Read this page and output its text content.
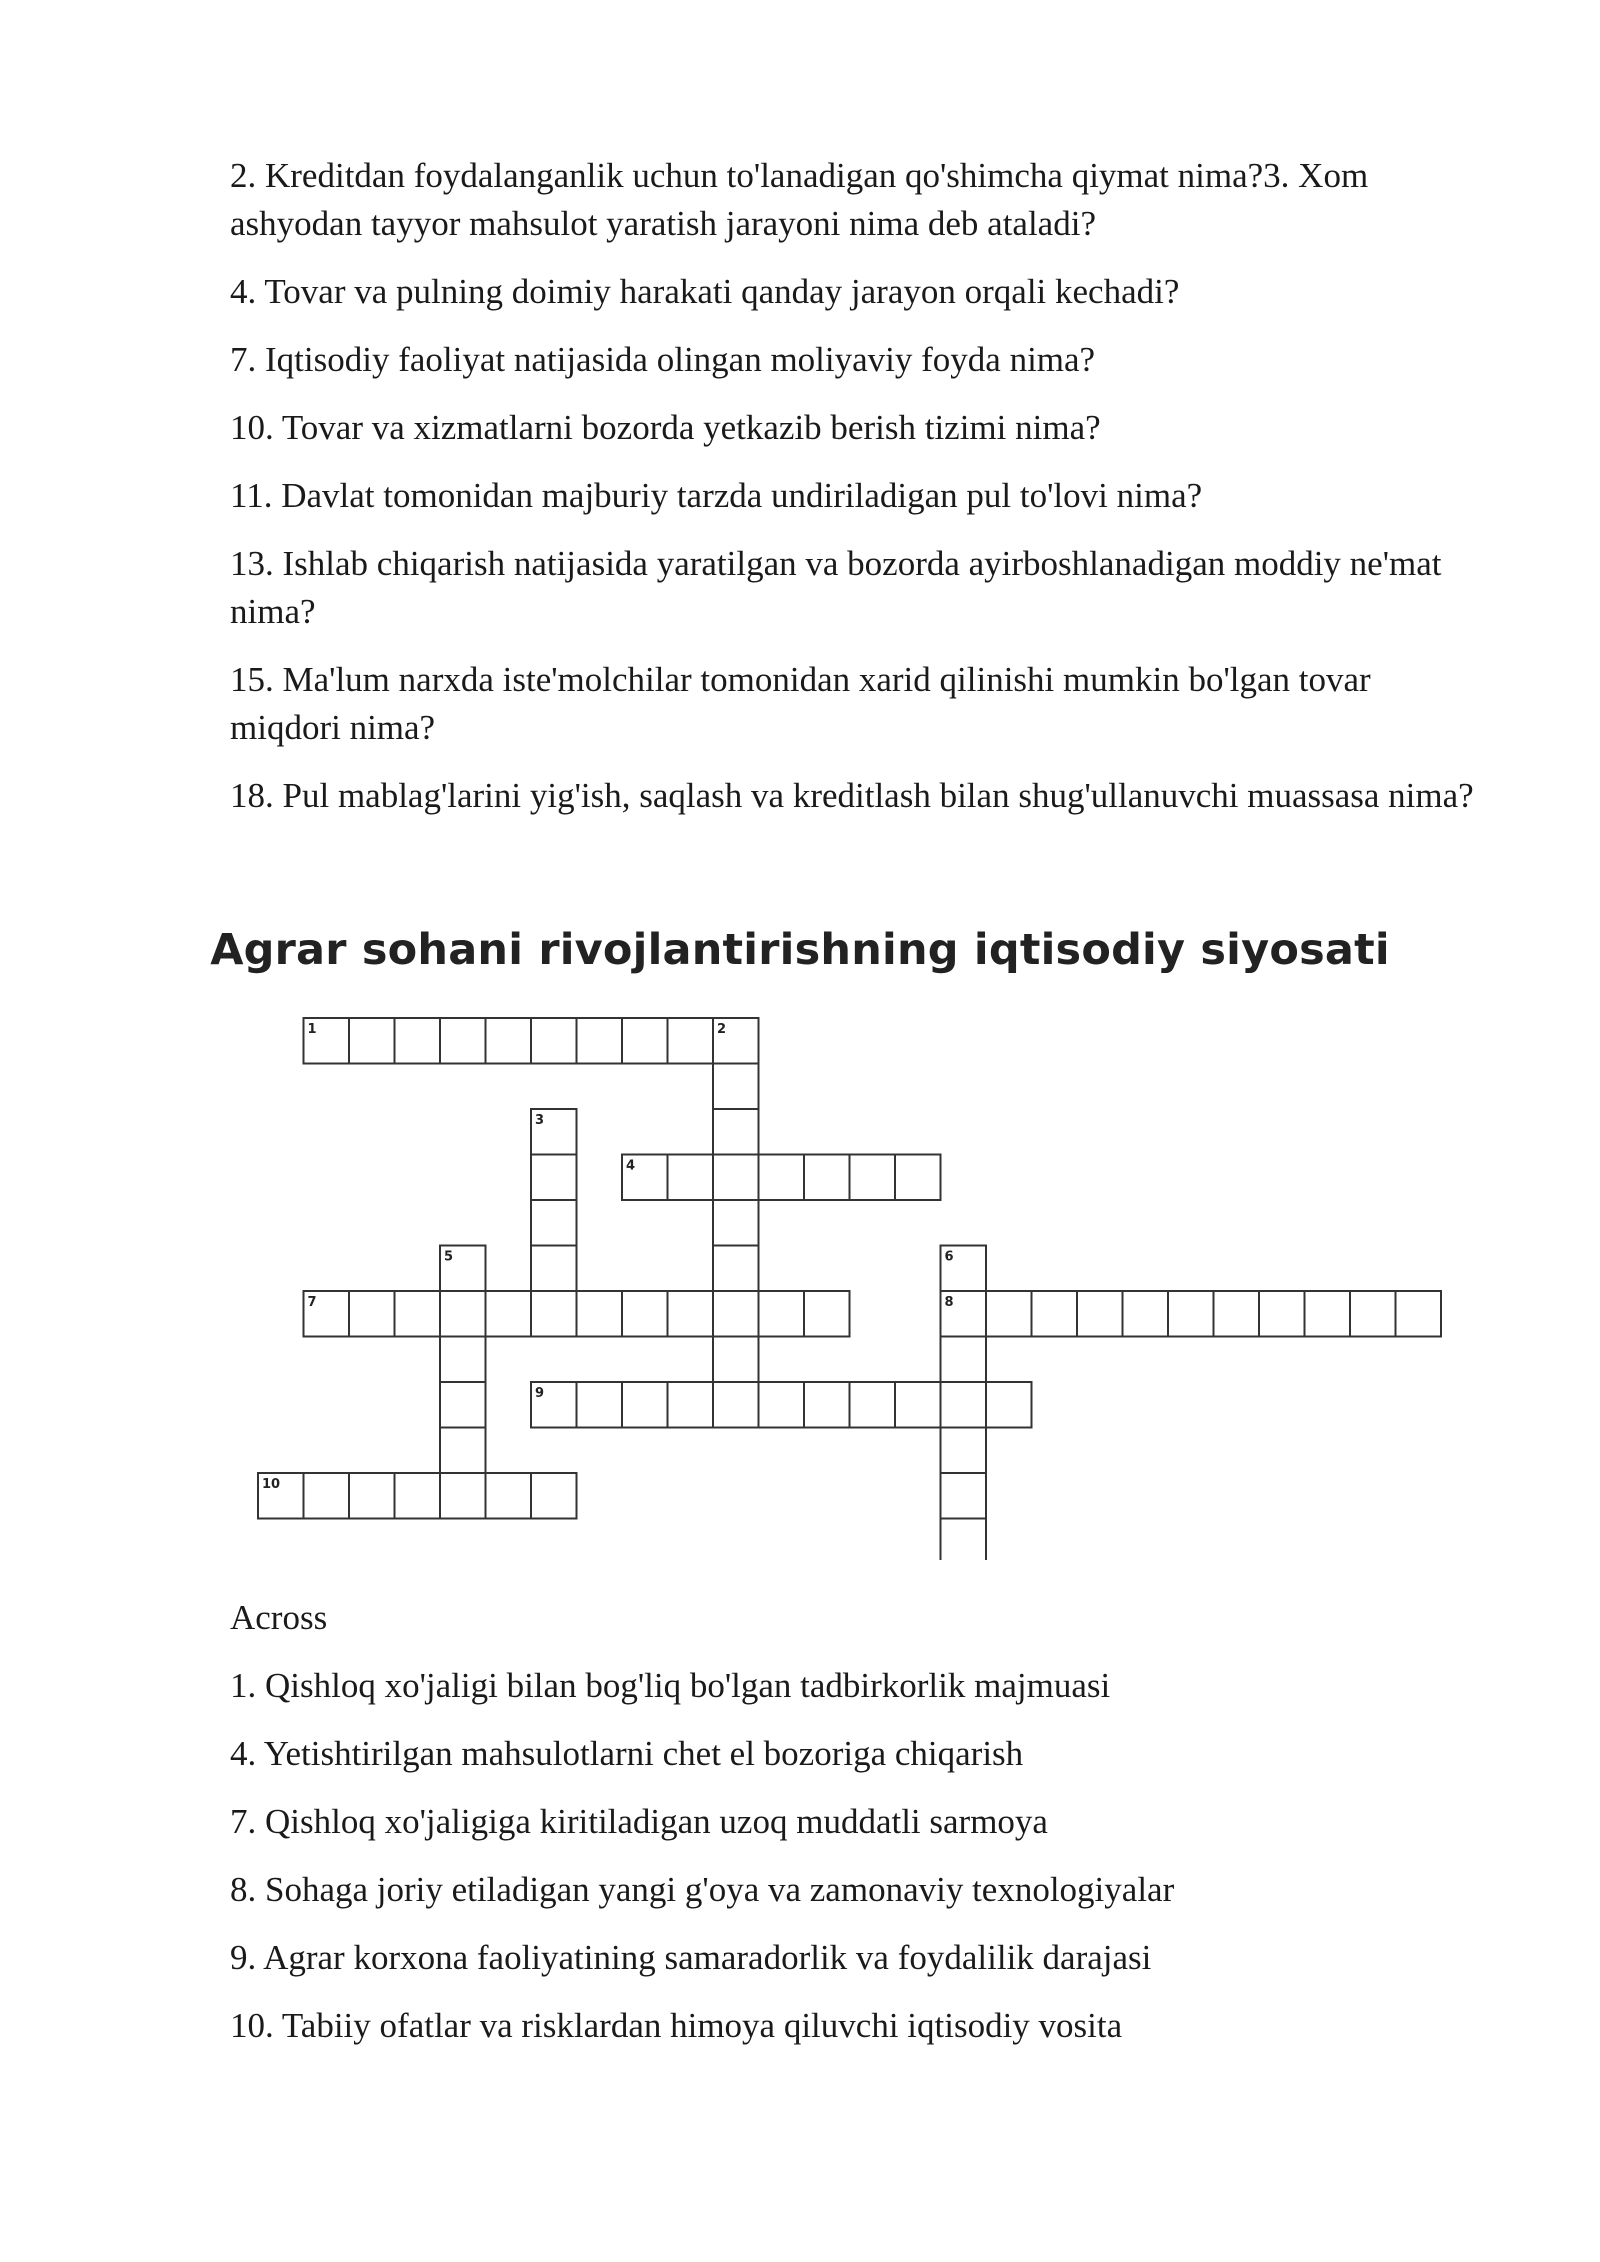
2. Kreditdan foydalanganlik uchun to'lanadigan qo'shimcha qiymat nima?3. Xom ashyodan tayyor mahsulot yaratish jarayoni nima deb ataladi?

4. Tovar va pulning doimiy harakati qanday jarayon orqali kechadi?

7. Iqtisodiy faoliyat natijasida olingan moliyaviy foyda nima?

10. Tovar va xizmatlarni bozorda yetkazib berish tizimi nima?

11. Davlat tomonidan majburiy tarzda undiriladigan pul to'lovi nima?

13. Ishlab chiqarish natijasida yaratilgan va bozorda ayirboshlanadigan moddiy ne'mat nima?

15. Ma'lum narxda iste'molchilar tomonidan xarid qilinishi mumkin bo'lgan tovar miqdori nima?

18. Pul mablag'larini yig'ish, saqlash va kreditlash bilan shug'ullanuvchi muassasa nima?

Agrar sohani rivojlantirishning iqtisodiy siyosati
1	2
3
4
5	6
8
7
9
10

Across

1. Qishloq xo'jaligi bilan bog'liq bo'lgan tadbirkorlik majmuasi

4. Yetishtirilgan mahsulotlarni chet el bozoriga chiqarish

7. Qishloq xo'jaligiga kiritiladigan uzoq muddatli sarmoya

8. Sohaga joriy etiladigan yangi g'oya va zamonaviy texnologiyalar

9. Agrar korxona faoliyatining samaradorlik va foydalilik darajasi

10. Tabiiy ofatlar va risklardan himoya qiluvchi iqtisodiy vosita
